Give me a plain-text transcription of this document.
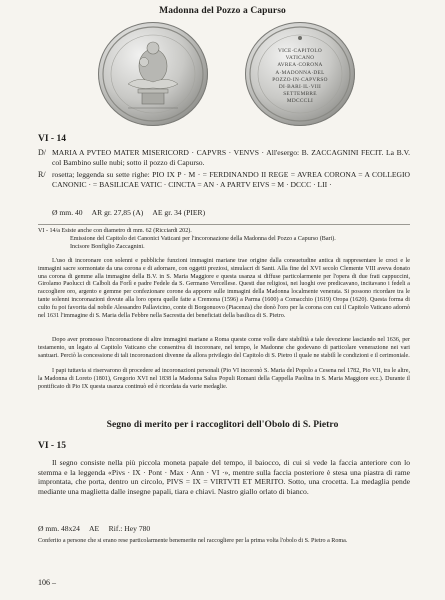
Madonna del Pozzo a Capurso
VICE·CAPITOLO
VATICANO
AVREA·CORONA
A·MADONNA·DEL
POZZO·IN·CAPVRSO
DI·BARI·IL·VIII
SETTEMBRE
MDCCCLI
VI - 14
D/ MARIA A PVTEO MATER MISERICORD · CAPVRS · VENVS · All'esergo: B. ZACCAGNINI FECIT. La B.V. col Bambino sulle nubi; sotto il pozzo di Capurso.
R/ rosetta; leggenda su sette righe: PIO IX P · M · = FERDINANDO II REGE = AVREA CORONA = A COLLEGIO CANONIC · = BASILICAE VATIC · CINCTA = AN · A PARTV EIVS = M · DCCC · LII ·
Ø mm. 40     AR gr. 27,85 (A)     AE gr. 34 (PIER)
VI - 14/a Esiste anche con diametro di mm. 62 (Ricciardi 202).
Emissione del Capitolo dei Canonici Vaticani per l'incoronazione della Madonna del Pozzo a Capurso (Bari).
Incisore Bonfiglio Zaccagnini.
L'uso di incoronare con solenni e pubbliche funzioni immagini mariane trae origine dalla consuetudine antica di rappresentare le croci e le immagini sacre sormontate da una corona e di adornare, con oggetti preziosi, simulacri di Santi. Alla fine del XVI secolo Clemente VIII aveva donato una corona di gemme alla immagine della B.V. in S. Maria Maggiore e questa usanza si diffuse particolarmente per l'opera di due frati cappuccini, Girolamo Paolucci di Calboli da Forlì e padre Fedele da S. Germano Vercellese. Questi due religiosi, nei luoghi ove predicavano, incitavano i fedeli a raccogliere oro, argento e gemme per confezionare corone da apporre sulle immagini della Madonna localmente venerata. Si possono ricordare tra le tante solenni incoronazioni dovute alla loro opera quelle fatte a Cremona (1596) a Parma (1600) a Comacchio (1619) Oropa (1620). Questa forma di culto fu poi favorita dal nobile Alessandro Pallavicino, conte di Borgonuovo (Piacenza) che donò l'oro per la corona con cui il Capitolo Vaticano adornò nel 1631 l'immagine di S. Maria della Febbre nella Sacrestia dei beneficiati della basilica di S. Pietro.
Dopo aver promosso l'incoronazione di altre immagini mariane a Roma queste come volle dare stabilità a tale devozione lasciando nel 1636, per testamento, un legato al Capitolo Vaticano che consentiva di incoronare, nel tempo, le Madonne che godevano di particolare venerazione nei vari santuari. Perciò la concessione di tali incoronazioni divenne da allora privilegio del Capitolo di S. Pietro il quale ne stabilì le condizioni e il cerimoniale.
I papi tuttavia si riservarono di procedere ad incoronazioni personali (Pio VI incoronò S. Maria del Popolo a Cesena nel 1782, Pio VII, tra le altre, la Madonna di Loreto (1801), Gregorio XVI nel 1838 la Madonna Salus Populi Romani della Cappella Paolina in S. Maria Maggiore ecc.). Durante il pontificato di Pio IX questa usanza continuò ed è ricordata da varie medaglie.
Segno di merito per i raccoglitori dell'Obolo di S. Pietro
VI - 15
Il segno consiste nella più piccola moneta papale del tempo, il baiocco, di cui si vede la faccia anteriore con lo stemma e la leggenda «Pivs · IX · Pont · Max · Ann · VI ·», mentre sulla faccia posteriore è stesa una piastra di rame improntata, che porta, dentro un circolo, PIVS = IX = VIRTVTI ET MERITO. Sotto, una crocetta. La medaglia pende mediante una maglietta dalle insegne papali, tiara e chiavi. Nastro giallo orlato di bianco.
Ø mm. 48x24     AE     Rif.: Hey 780
Conferito a persone che si erano rese particolarmente benemerite nel raccogliere per la prima volta l'obolo di S. Pietro a Roma.
106 –
